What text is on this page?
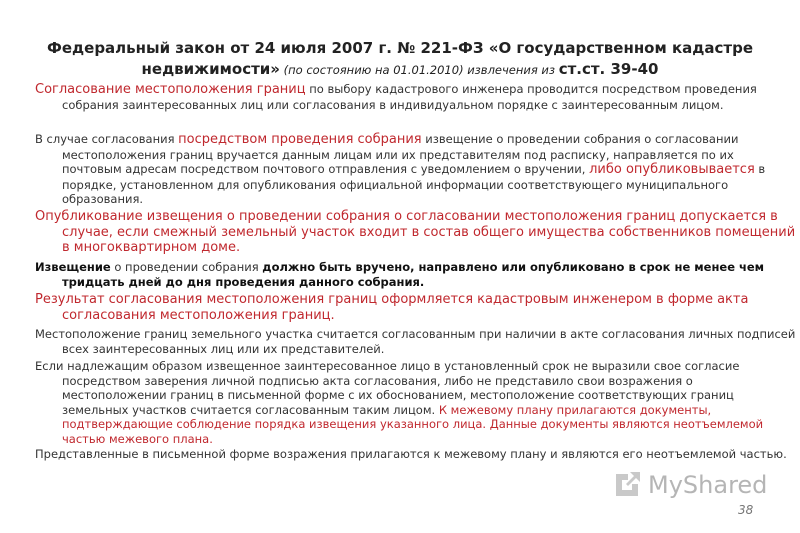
Федеральный закон от 24 июля 2007 г. № 221-ФЗ «О государственном кадастре
недвижимости» (по состоянию на 01.01.2010) извлечения из ст.ст. 39-40
Согласование местоположения границ по выбору кадастрового инженера проводится посредством проведения собрания заинтересованных лиц или согласования в индивидуальном порядке с заинтересованным лицом.
В случае согласования посредством проведения собрания извещение о проведении собрания о согласовании местоположения границ вручается данным лицам или их представителям под расписку, направляется по их почтовым адресам посредством почтового отправления с уведомлением о вручении, либо опубликовывается в порядке, установленном для опубликования официальной информации соответствующего муниципального образования.
Опубликование извещения о проведении собрания о согласовании местоположения границ допускается в случае, если смежный земельный участок входит в состав общего имущества собственников помещений в многоквартирном доме.
Извещение о проведении собрания должно быть вручено, направлено или опубликовано в срок не менее чем тридцать дней до дня проведения данного собрания.
Результат согласования местоположения границ оформляется кадастровым инженером в форме акта согласования местоположения границ.
Местоположение границ земельного участка считается согласованным при наличии в акте согласования личных подписей всех заинтересованных лиц или их представителей.
Если надлежащим образом извещенное заинтересованное лицо в установленный срок не выразили свое согласие посредством заверения личной подписью акта согласования, либо не представило свои возражения о местоположении границ в письменной форме с их обоснованием, местоположение соответствующих границ земельных участков считается согласованным таким лицом. К межевому плану прилагаются документы, подтверждающие соблюдение порядка извещения указанного лица. Данные документы являются неотъемлемой частью межевого плана.
Представленные в письменной форме возражения прилагаются к межевому плану и являются его неотъемлемой частью.
MyShared
38
